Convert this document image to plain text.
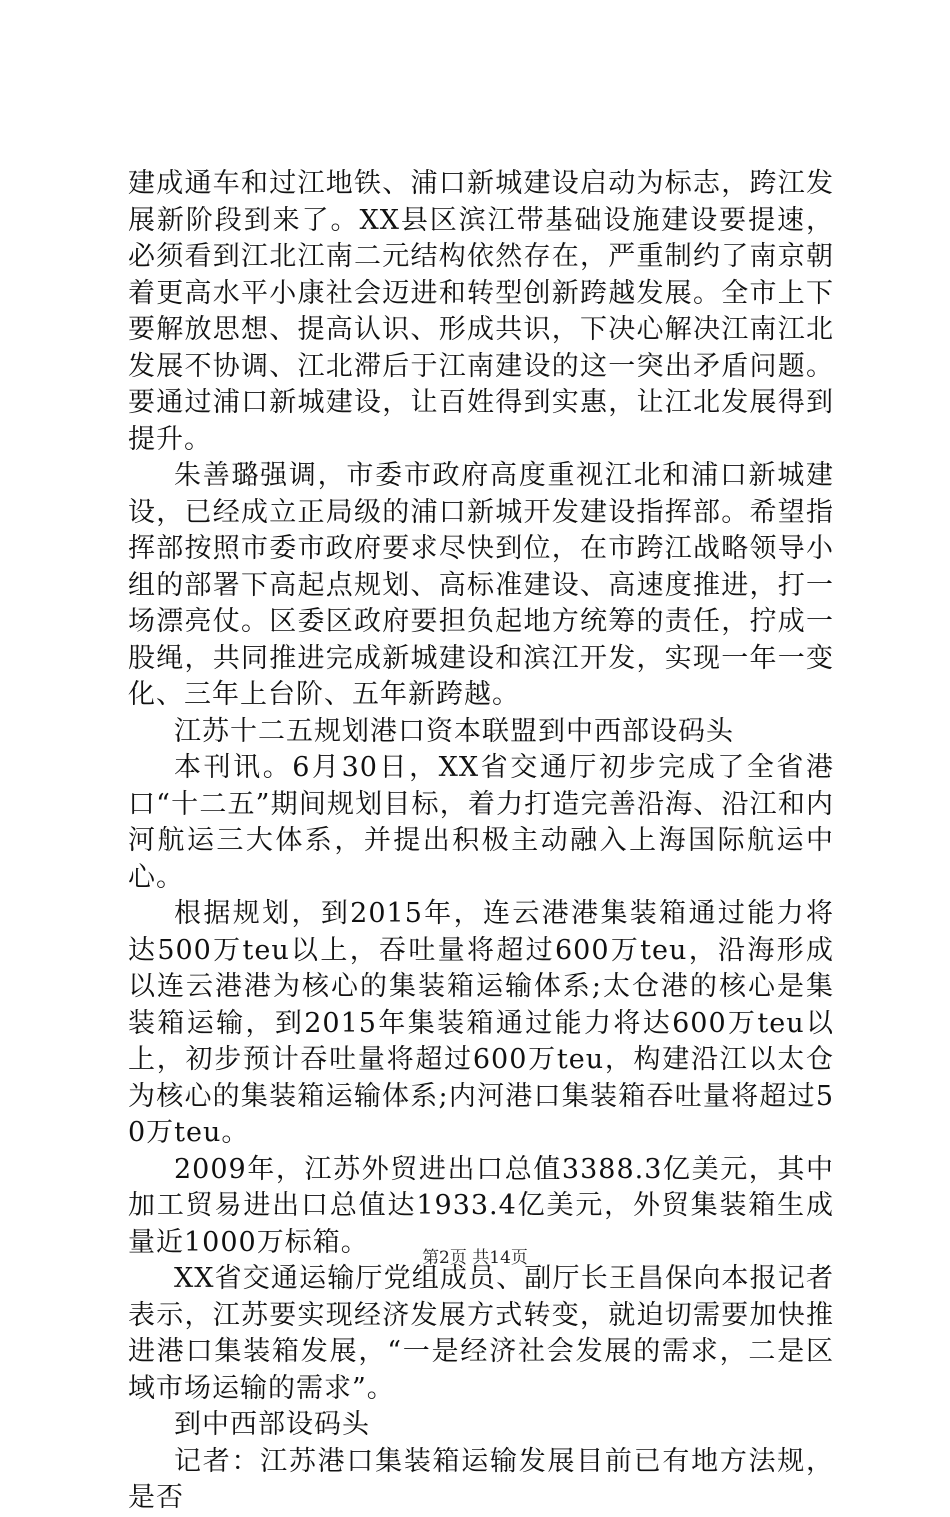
建成通车和过江地铁、浦口新城建设启动为标志，跨江发展新阶段到来了。XX县区滨江带基础设施建设要提速，必须看到江北江南二元结构依然存在，严重制约了南京朝着更高水平小康社会迈进和转型创新跨越发展。全市上下要解放思想、提高认识、形成共识，下决心解决江南江北发展不协调、江北滞后于江南建设的这一突出矛盾问题。要通过浦口新城建设，让百姓得到实惠，让江北发展得到提升。

朱善璐强调，市委市政府高度重视江北和浦口新城建设，已经成立正局级的浦口新城开发建设指挥部。希望指挥部按照市委市政府要求尽快到位，在市跨江战略领导小组的部署下高起点规划、高标准建设、高速度推进，打一场漂亮仗。区委区政府要担负起地方统筹的责任，拧成一股绳，共同推进完成新城建设和滨江开发，实现一年一变化、三年上台阶、五年新跨越。

江苏十二五规划港口资本联盟到中西部设码头

本刊讯。6月30日，XX省交通厅初步完成了全省港口“十二五”期间规划目标，着力打造完善沿海、沿江和内河航运三大体系，并提出积极主动融入上海国际航运中心。

根据规划，到2015年，连云港港集装箱通过能力将达500万teu以上，吞吐量将超过600万teu，沿海形成以连云港港为核心的集装箱运输体系;太仓港的核心是集装箱运输，到2015年集装箱通过能力将达600万teu以上，初步预计吞吐量将超过600万teu，构建沿江以太仓为核心的集装箱运输体系;内河港口集装箱吞吐量将超过50万teu。

2009年，江苏外贸进出口总值3388.3亿美元，其中加工贸易进出口总值达1933.4亿美元，外贸集装箱生成量近1000万标箱。

XX省交通运输厅党组成员、副厅长王昌保向本报记者表示，江苏要实现经济发展方式转变，就迫切需要加快推进港口集装箱发展，“一是经济社会发展的需求，二是区域市场运输的需求”。

到中西部设码头

记者：江苏港口集装箱运输发展目前已有地方法规，是否

第2页 共14页
